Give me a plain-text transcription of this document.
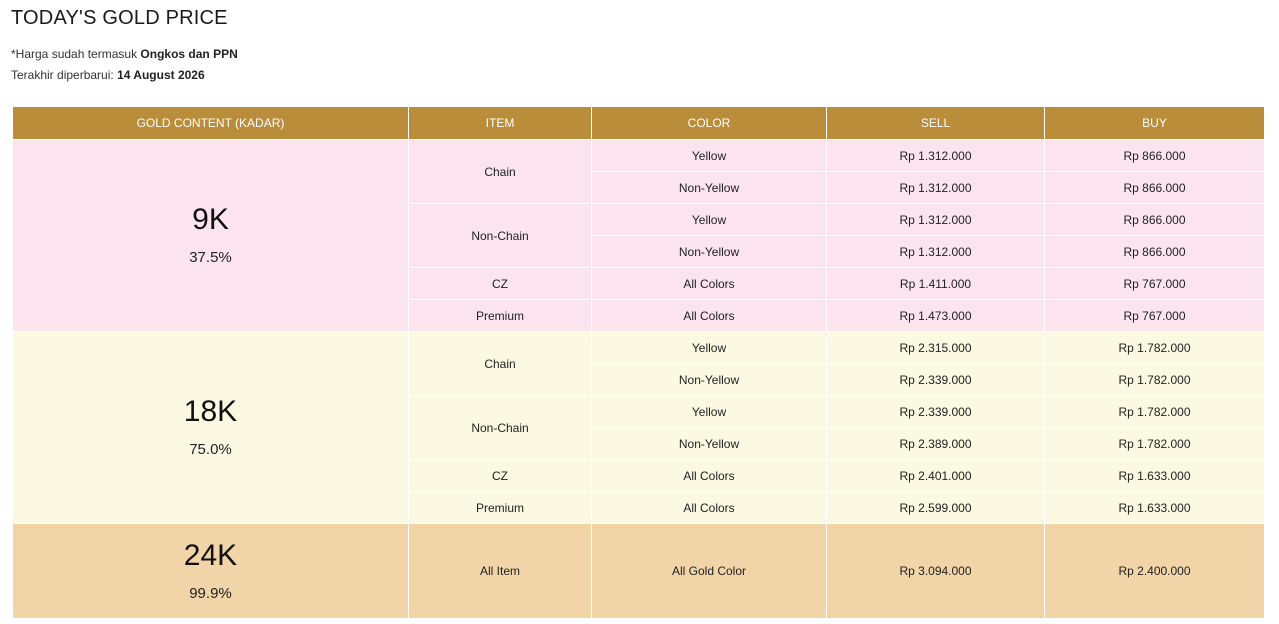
TODAY'S GOLD PRICE
*Harga sudah termasuk Ongkos dan PPN
Terakhir diperbarui: 14 August 2026
GOLD CONTENT (KADAR)	ITEM	COLOR	SELL	BUY

9K
37.5%	Chain	Yellow	Rp 1.312.000	Rp 866.000
		Non-Yellow	Rp 1.312.000	Rp 866.000
	Non-Chain	Yellow	Rp 1.312.000	Rp 866.000
		Non-Yellow	Rp 1.312.000	Rp 866.000
	CZ	All Colors	Rp 1.411.000	Rp 767.000
	Premium	All Colors	Rp 1.473.000	Rp 767.000

18K
75.0%	Chain	Yellow	Rp 2.315.000	Rp 1.782.000
		Non-Yellow	Rp 2.339.000	Rp 1.782.000
	Non-Chain	Yellow	Rp 2.339.000	Rp 1.782.000
		Non-Yellow	Rp 2.389.000	Rp 1.782.000
	CZ	All Colors	Rp 2.401.000	Rp 1.633.000
	Premium	All Colors	Rp 2.599.000	Rp 1.633.000

24K
99.9%	All Item	All Gold Color	Rp 3.094.000	Rp 2.400.000
